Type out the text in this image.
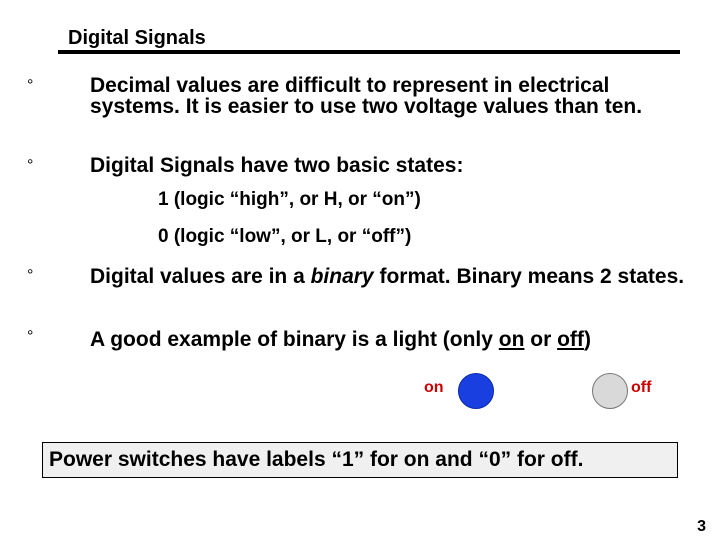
Digital Signals
°	Decimal values are difficult to represent in electrical systems. It is easier to use two voltage values than ten.

°	Digital Signals have two basic states:

1 (logic “high”, or H, or “on”)

0 (logic “low”, or L, or “off”)

°	Digital values are in a binary format. Binary means 2 states.

°	A good example of binary is a light (only on or off)

on	off

Power switches have labels “1” for on and “0” for off.

3
